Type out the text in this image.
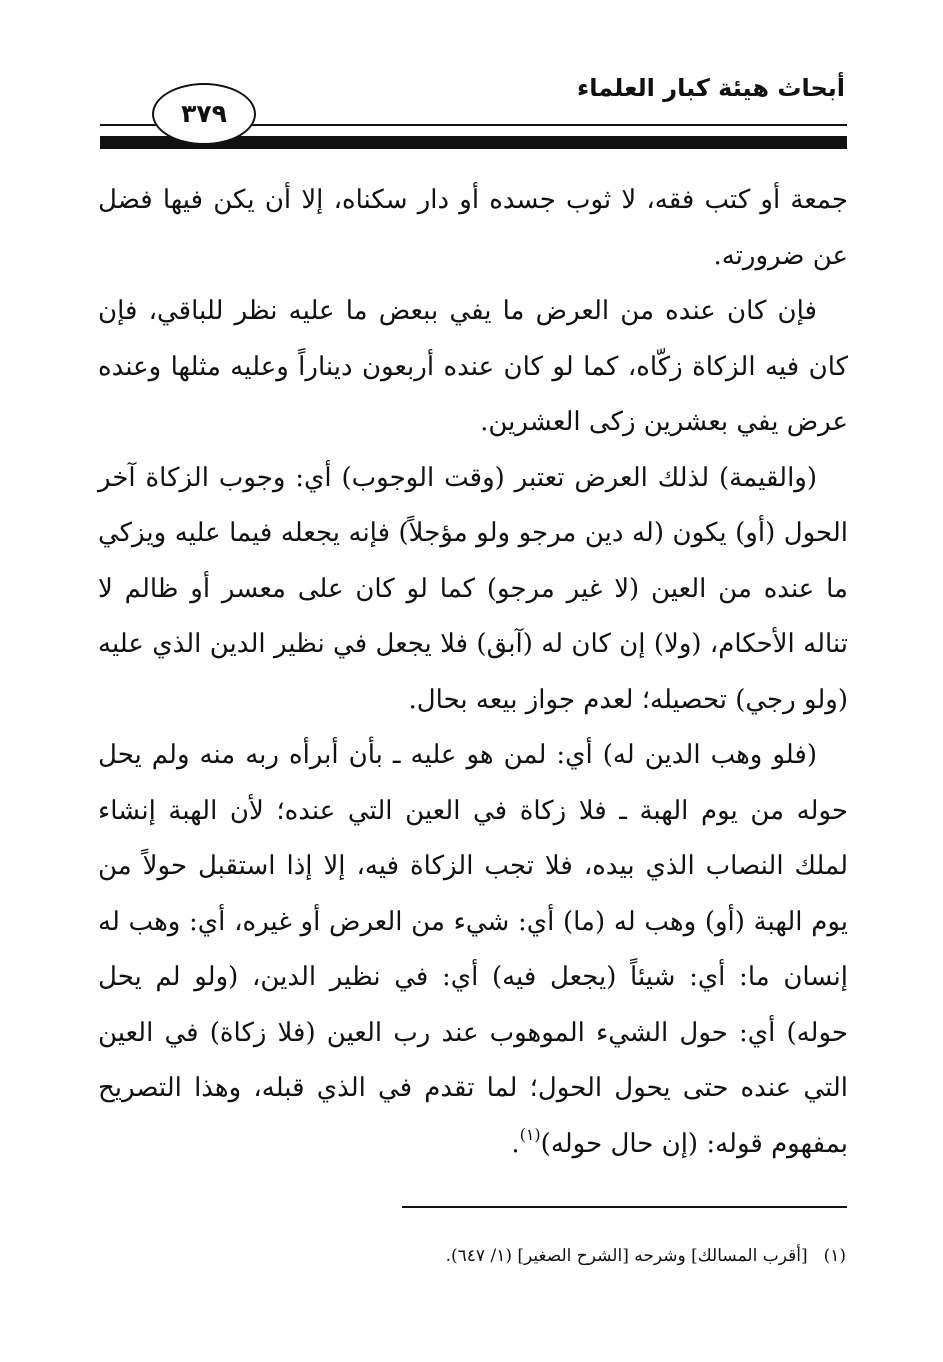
أبحاث هيئة كبار العلماء
٣٧٩

جمعة أو كتب فقه، لا ثوب جسده أو دار سكناه، إلا أن يكن فيها فضل عن ضرورته.

فإن كان عنده من العرض ما يفي ببعض ما عليه نظر للباقي، فإن كان فيه الزكاة زكّاه، كما لو كان عنده أربعون ديناراً وعليه مثلها وعنده عرض يفي بعشرين زكى العشرين.

(والقيمة) لذلك العرض تعتبر (وقت الوجوب) أي: وجوب الزكاة آخر الحول (أو) يكون (له دين مرجو ولو مؤجلاً) فإنه يجعله فيما عليه ويزكي ما عنده من العين (لا غير مرجو) كما لو كان على معسر أو ظالم لا تناله الأحكام، (ولا) إن كان له (آبق) فلا يجعل في نظير الدين الذي عليه (ولو رجي) تحصيله؛ لعدم جواز بيعه بحال.

(فلو وهب الدين له) أي: لمن هو عليه ـ بأن أبرأه ربه منه ولم يحل حوله من يوم الهبة ـ فلا زكاة في العين التي عنده؛ لأن الهبة إنشاء لملك النصاب الذي بيده، فلا تجب الزكاة فيه، إلا إذا استقبل حولاً من يوم الهبة (أو) وهب له (ما) أي: شيء من العرض أو غيره، أي: وهب له إنسان ما: أي: شيئاً (يجعل فيه) أي: في نظير الدين، (ولو لم يحل حوله) أي: حول الشيء الموهوب عند رب العين (فلا زكاة) في العين التي عنده حتى يحول الحول؛ لما تقدم في الذي قبله، وهذا التصريح بمفهوم قوله: (إن حال حوله)$^{(١)}$.

(١)[أقرب المسالك] وشرحه [الشرح الصغير] (١/ ٦٤٧).
